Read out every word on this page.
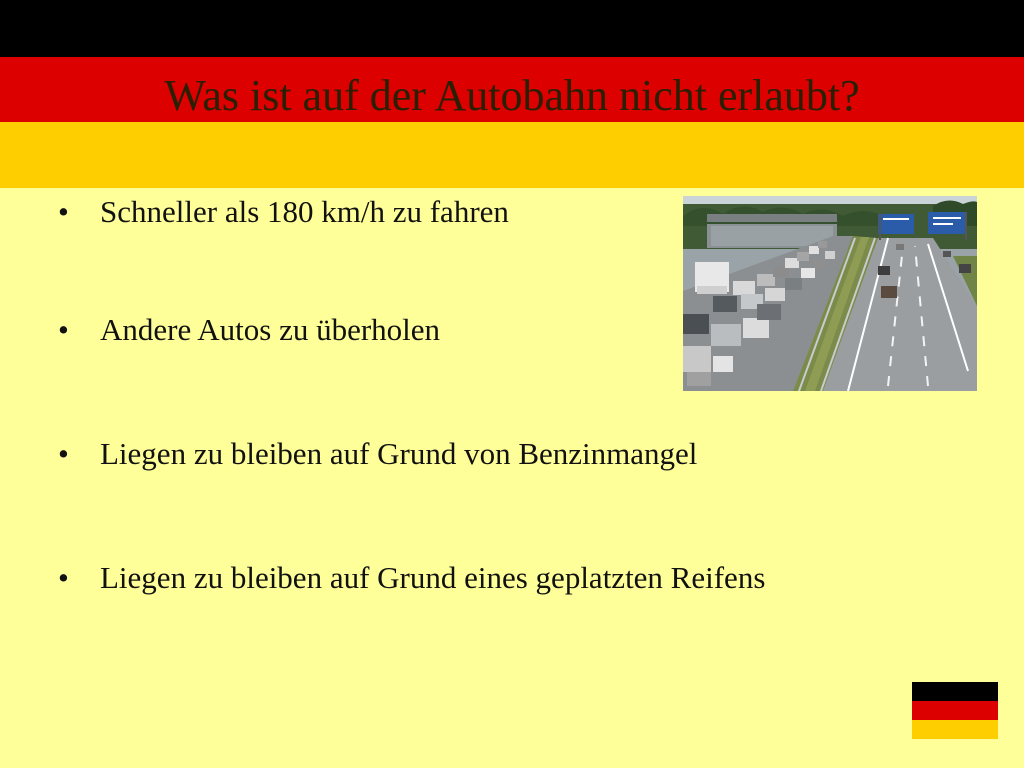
Was ist auf der Autobahn nicht erlaubt?
• Schneller als 180 km/h zu fahren
• Andere Autos zu überholen
• Liegen zu bleiben auf Grund von Benzinmangel
• Liegen zu bleiben auf Grund eines geplatzten Reifens
